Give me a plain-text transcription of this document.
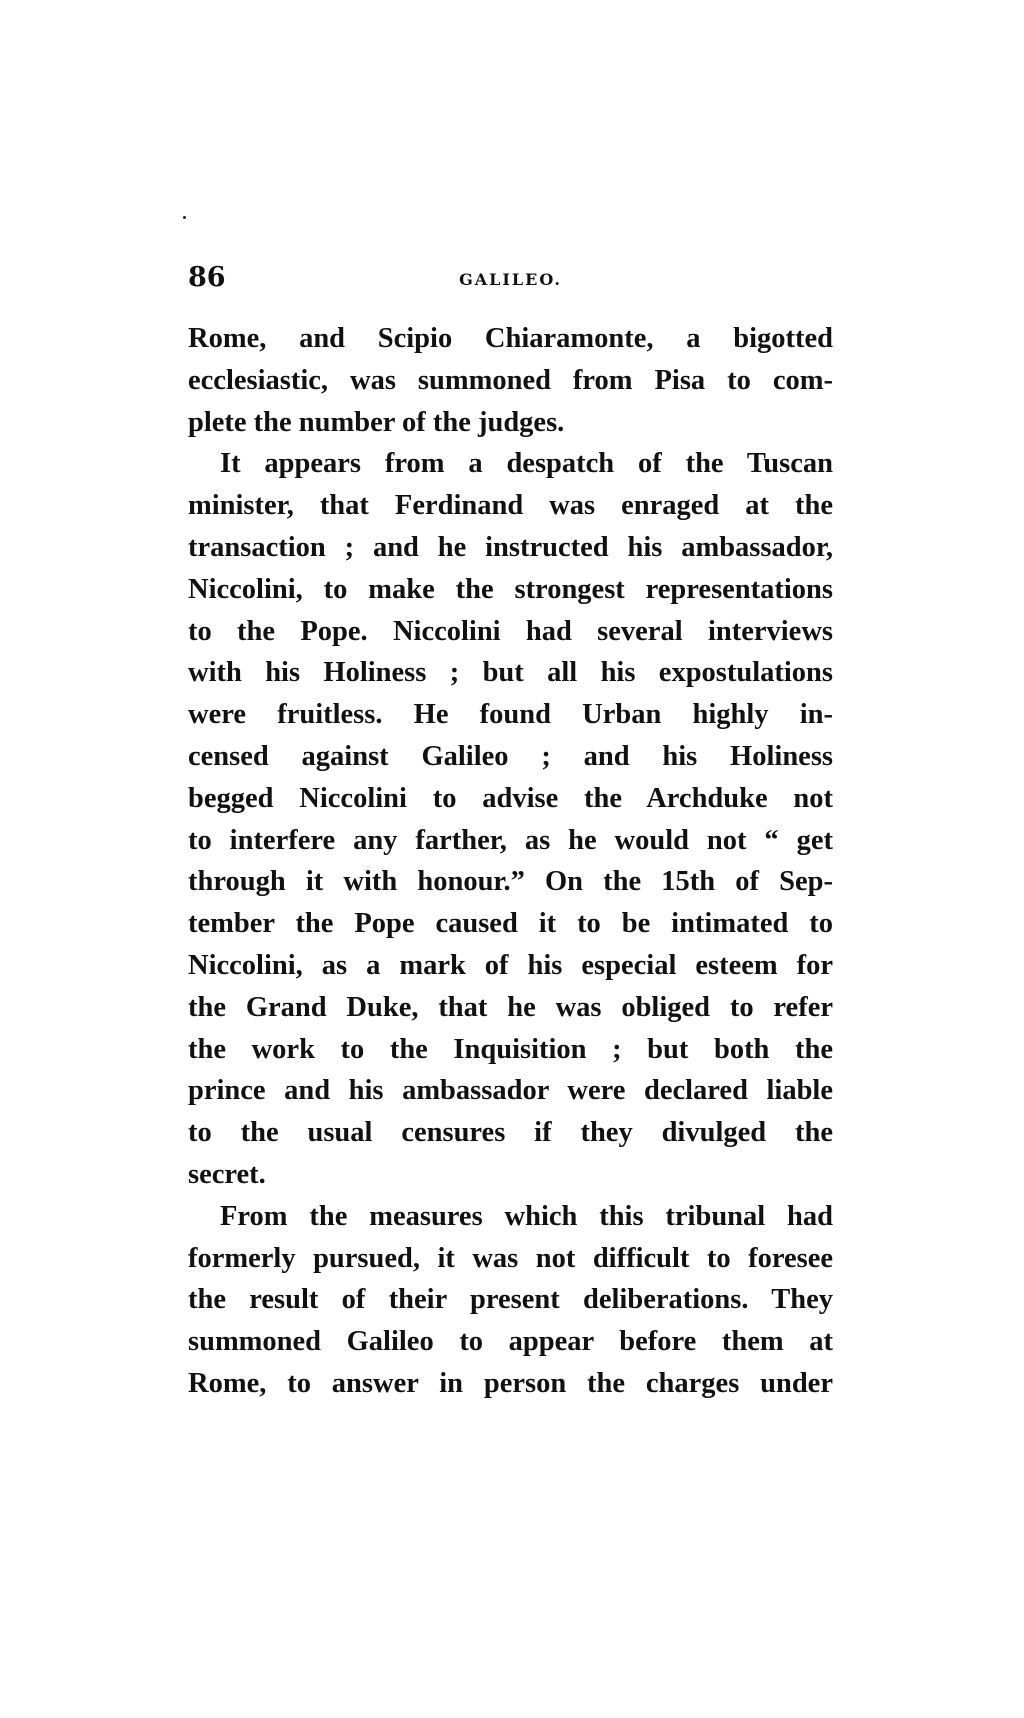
86	GALILEO.
Rome, and Scipio Chiaramonte, a bigotted
ecclesiastic, was summoned from Pisa to com-
plete the number of the judges.
It appears from a despatch of the Tuscan
minister, that Ferdinand was enraged at the
transaction ; and he instructed his ambassador,
Niccolini, to make the strongest representations
to the Pope. Niccolini had several interviews
with his Holiness ; but all his expostulations
were fruitless. He found Urban highly in-
censed against Galileo ; and his Holiness
begged Niccolini to advise the Archduke not
to interfere any farther, as he would not “ get
through it with honour.” On the 15th of Sep-
tember the Pope caused it to be intimated to
Niccolini, as a mark of his especial esteem for
the Grand Duke, that he was obliged to refer
the work to the Inquisition ; but both the
prince and his ambassador were declared liable
to the usual censures if they divulged the
secret.
From the measures which this tribunal had
formerly pursued, it was not difficult to foresee
the result of their present deliberations. They
summoned Galileo to appear before them at
Rome, to answer in person the charges under
